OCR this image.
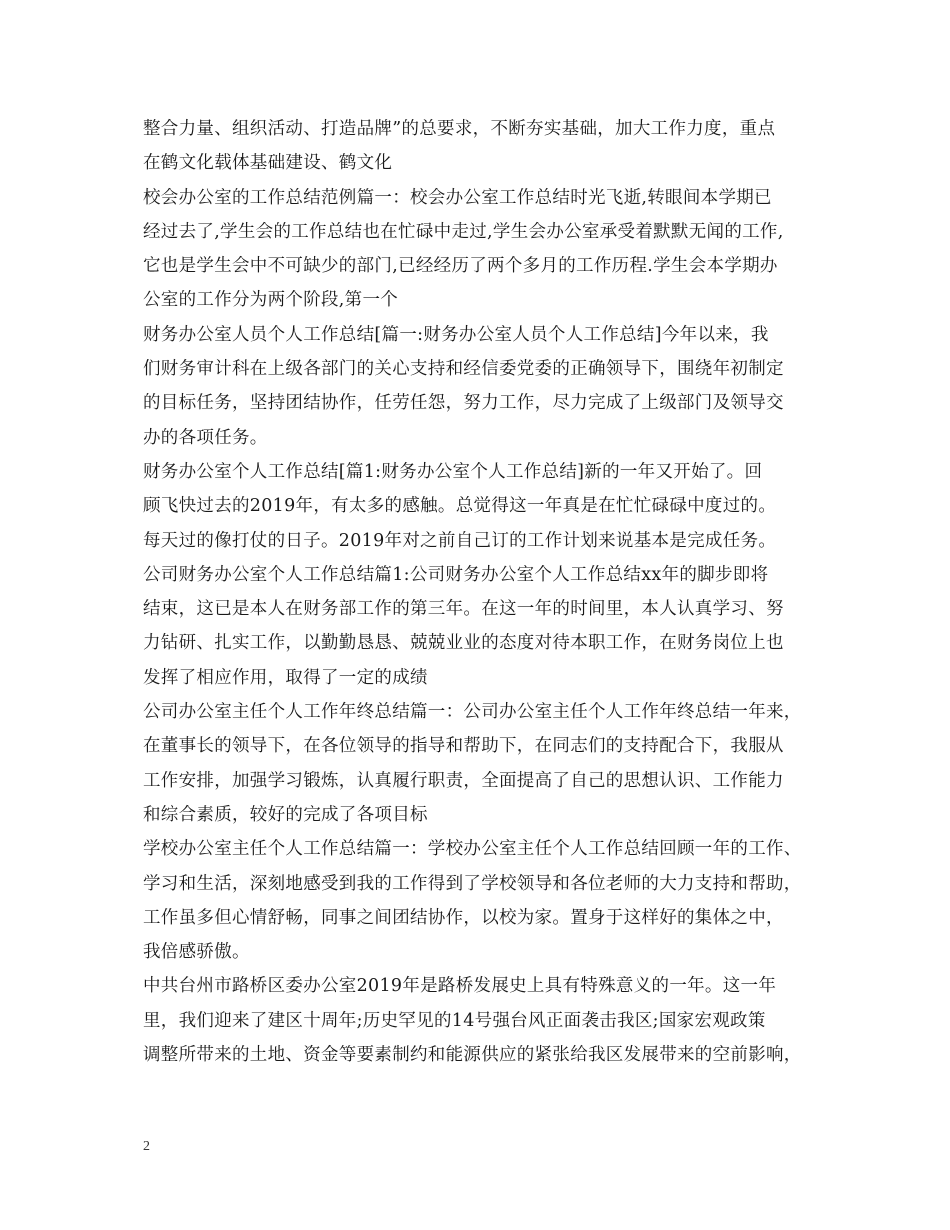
整合力量、组织活动、打造品牌”的总要求，不断夯实基础，加大工作力度，重点
在鹤文化载体基础建设、鹤文化
校会办公室的工作总结范例篇一：校会办公室工作总结时光飞逝,转眼间本学期已
经过去了,学生会的工作总结也在忙碌中走过,学生会办公室承受着默默无闻的工作,
它也是学生会中不可缺少的部门,已经经历了两个多月的工作历程.学生会本学期办
公室的工作分为两个阶段,第一个
财务办公室人员个人工作总结[篇一:财务办公室人员个人工作总结]今年以来，我
们财务审计科在上级各部门的关心支持和经信委党委的正确领导下，围绕年初制定
的目标任务，坚持团结协作，任劳任怨，努力工作，尽力完成了上级部门及领导交
办的各项任务。
财务办公室个人工作总结[篇1:财务办公室个人工作总结]新的一年又开始了。回
顾飞快过去的2019年，有太多的感触。总觉得这一年真是在忙忙碌碌中度过的。
每天过的像打仗的日子。2019年对之前自己订的工作计划来说基本是完成任务。
公司财务办公室个人工作总结篇1:公司财务办公室个人工作总结xx年的脚步即将
结束，这已是本人在财务部工作的第三年。在这一年的时间里，本人认真学习、努
力钻研、扎实工作，以勤勤恳恳、兢兢业业的态度对待本职工作，在财务岗位上也
发挥了相应作用，取得了一定的成绩
公司办公室主任个人工作年终总结篇一：公司办公室主任个人工作年终总结一年来，
在董事长的领导下，在各位领导的指导和帮助下，在同志们的支持配合下，我服从
工作安排，加强学习锻炼，认真履行职责，全面提高了自己的思想认识、工作能力
和综合素质，较好的完成了各项目标
学校办公室主任个人工作总结篇一：学校办公室主任个人工作总结回顾一年的工作、
学习和生活，深刻地感受到我的工作得到了学校领导和各位老师的大力支持和帮助，
工作虽多但心情舒畅，同事之间团结协作，以校为家。置身于这样好的集体之中，
我倍感骄傲。
中共台州市路桥区委办公室2019年是路桥发展史上具有特殊意义的一年。这一年
里，我们迎来了建区十周年;历史罕见的14号强台风正面袭击我区;国家宏观政策
调整所带来的土地、资金等要素制约和能源供应的紧张给我区发展带来的空前影响，
2
